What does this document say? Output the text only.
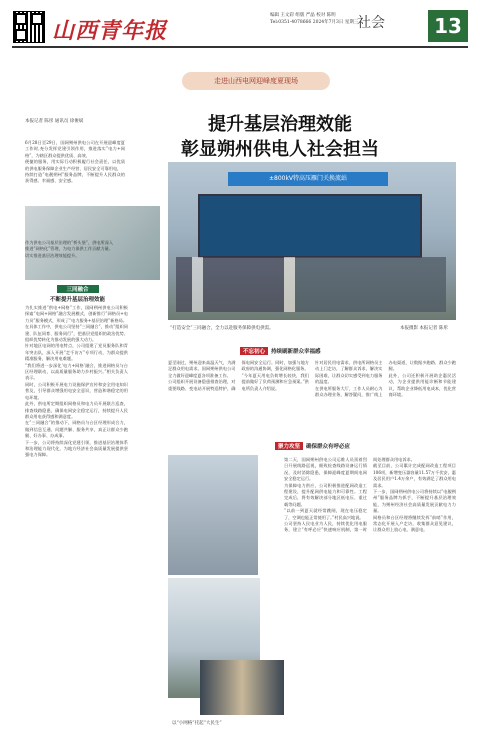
山西青年报
编辑 王文彩 组版 严晶 校对 陈明
Tel:0351-4078666 2024年7月3日 星期三
社会	13
走进山西电网迎峰度夏现场
提升基层治理效能
彰显朔州供电人社会担当
本报记者 陈彤 通讯员 徐俊斌
6月28日至29日，国网朔州供电公司在开展迎峰度夏工作时,充分发挥党建引领作用，推进落实“电力+网格”，为辖区群众提供优质、高效、
便捷的服务，用实际行动积极履行社会责任，以优质的供电服务保障企业生产经营、居民安全可靠用电，
持续打造“电靓朔州”服务品牌，不断提升人民群众的获得感、幸福感、安全感。	±800kV特高压雁门关换流站
“打造安全”三同融合，全力以赴服务保障供电供需。	本报摄影 本报记者 陈彤
三同融合
不断提升基层治理效能
为扎实推进“供电+网格”工作，国网朔州供电公司积极探索“电网+网格”融合发展模式，创新推行“网格员+电力员”服务模式，形成了“电力服务+基层治理”新格局。
在具体工作中，供电公司坚持“三同融合”，推动“组织同建、队伍同育、服务同行”，把基层党组织的政治优势、组织优势转化为推动发展的强大动力。
针对地区电网的用电特点，公司组建了党员服务队和青年突击队，深入开展“走千访万”专项行动，为群众提供精准服务，解决用电难题。
“我们将进一步深化‘电力+网格’融合，推进网格员与台区经理联动，以高质量服务助力乡村振兴。”相关负责人表示。
同时，公司积极开展电力设施保护宣传和安全用电知识普及，引导群众增强用电安全意识，营造和谐稳定的用电环境。
此外，供电所定期组织网格员和电力员开展联合巡查，排查线路隐患，确保电网安全稳定运行，持续提升人民群众用电获得感和满意度。
在“三同融合”的推动下，网格员与台区经理形成合力，做到信息互通、问题共解、服务共享，真正让群众少跑腿、好办事、办成事。
下一步，公司将持续深化党建引领，推进基层治理体系和治理能力现代化，为地方经济社会高质量发展提供坚强电力保障。
不忘初心	持续刷新群众幸福感
夏至刚过，朔州迎来高温天气，为满足群众用电需求，国网朔州供电公司全力做好迎峰度夏各项准备工作。
公司组织开展设备隐患排查治理，对重要线路、变电站开展特巡特护，确保电网安全运行。同时，加强与地方政府的沟通协调，强化网格化服务。
“今年夏天用电负荷增长较快，我们提前做好了负荷预测和应急预案。”供电所负责人介绍说。
针对居民用电需求，供电所网格员主动上门走访，了解群众诉求，解决实际困难，让群众切实感受到电力服务的温度。
在供电所服务大厅，工作人员耐心为群众办理业务，解答疑问，推广线上办电渠道，让数据多跑路、群众少跑腿。
此外，公司还积极开展助企惠民活动，为企业提供用能诊断和节能建议，帮助企业降低用电成本，优化营商环境。
聚力攻坚	确保群众有呼必应
以“小网格”托起“大民生”
第二天，国网朔州供电公司运维人员顶着烈日开展线路巡视，细致检查线路设备运行情况，及时消除隐患，保障迎峰度夏期间电网安全稳定运行。
为保障电力供应，公司积极推进配网改造工程建设，提升配网供电能力和可靠性。工程完成后，将有效解决部分地区低电压、重过载等问题。
“以前一到夏天就经常跳闸，现在电压稳定了，空调也能正常使用了。”村民高兴地说。
公司坚持人民电业为人民，持续优化用电服务，建立“有呼必应”快速响应机制，第一时间处理群众用电诉求。
截至目前，公司累计完成配网改造工程项目106项，新增变压器容量11.57万千伏安，惠及居民用户1.4万余户，有效满足了群众用电需求。
下一步，国网朔州供电公司将持续以“电靓朔州”服务品牌为抓手，不断提升基层治理效能，为朔州经济社会高质量发展贡献电力力量。
网格员和台区经理将继续发挥“前哨”作用，常态化开展入户走访，收集群众意见建议，让群众用上放心电、满意电。
作为供电公司基层治理的“桥头堡”，供电所深入
推进“网格化”管理，为电力保供工作贡献力量。
切实推进基层治理效能提升。
